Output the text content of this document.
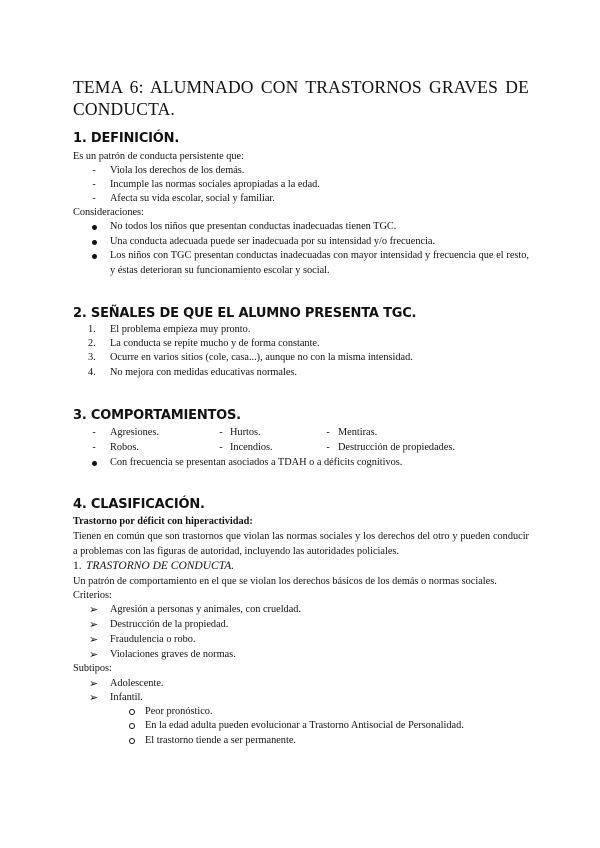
TEMA 6: ALUMNADO CON TRASTORNOS GRAVES DE CONDUCTA.
1. DEFINICIÓN.
Es un patrón de conducta persistente que:
-	Viola los derechos de los demás.
-	Incumple las normas sociales apropiadas a la edad.
-	Afecta su vida escolar, social y familiar.
Consideraciones:
No todos los niños que presentan conductas inadecuadas tienen TGC.
Una conducta adecuada puede ser inadecuada por su intensidad y/o frecuencia.
Los niños con TGC presentan conductas inadecuadas con mayor intensidad y frecuencia que el resto, y éstas deterioran su funcionamiento escolar y social.
2. SEÑALES DE QUE EL ALUMNO PRESENTA TGC.
1. El problema empieza muy pronto.
2. La conducta se repite mucho y de forma constante.
3. Ocurre en varios sitios (cole, casa...), aunque no con la misma intensidad.
4. No mejora con medidas educativas normales.
3. COMPORTAMIENTOS.
-	Agresiones.	- Hurtos.	- Mentiras.
-	Robos.	- Incendios.	- Destrucción de propiedades.
Con frecuencia se presentan asociados a TDAH o a déficits cognitivos.
4. CLASIFICACIÓN.
Trastorno por déficit con hiperactividad:
Tienen en común que son trastornos que violan las normas sociales y los derechos del otro y pueden conducir a problemas con las figuras de autoridad, incluyendo las autoridades policiales.
1. TRASTORNO DE CONDUCTA.
Un patrón de comportamiento en el que se violan los derechos básicos de los demás o normas sociales.
Criterios:
➢ Agresión a personas y animales, con crueldad.
➢ Destrucción de la propiedad.
➢ Fraudulencia o robo.
➢ Violaciones graves de normas.
Subtipos:
➢ Adolescente.
➢ Infantil.
Peor pronóstico.
En la edad adulta pueden evolucionar a Trastorno Antisocial de Personalidad.
El trastorno tiende a ser permanente.
